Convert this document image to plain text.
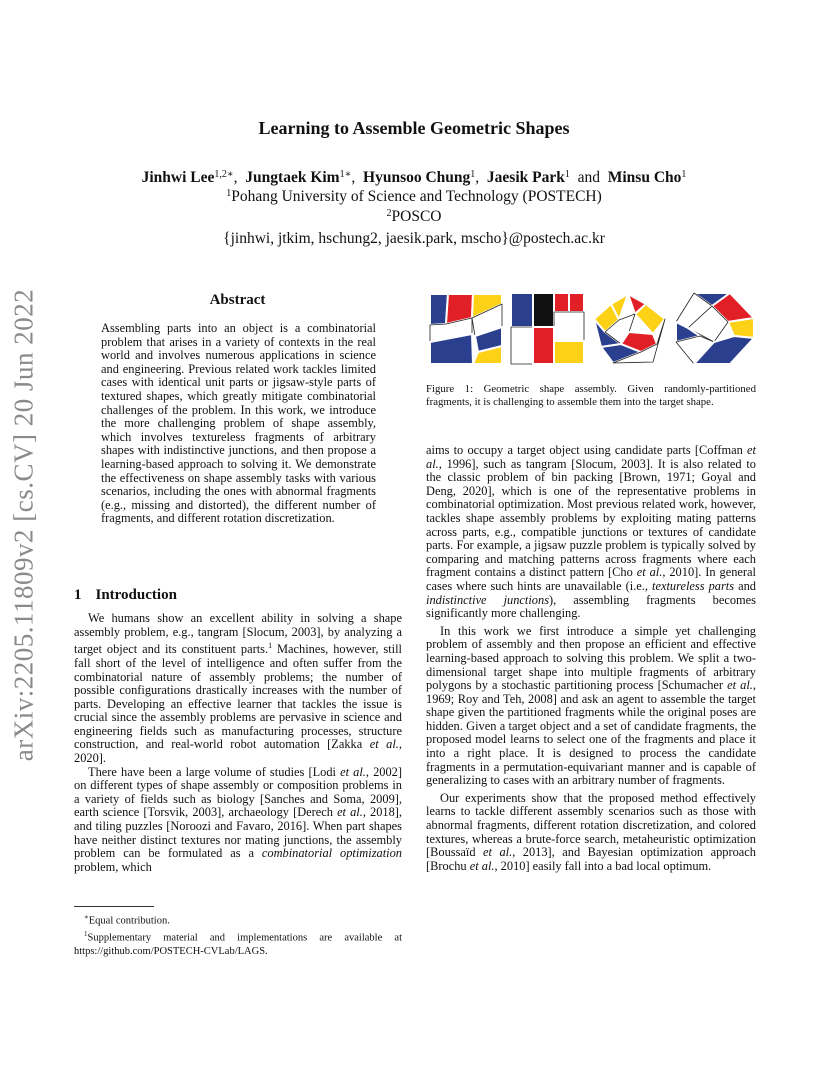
arXiv:2205.11809v2 [cs.CV] 20 Jun 2022
Learning to Assemble Geometric Shapes
Jinhwi Lee$^{1,2∗}$, Jungtaek Kim$^{1∗}$, Hyunsoo Chung$^1$, Jaesik Park$^1$ and Minsu Cho$^1$
$^1$Pohang University of Science and Technology (POSTECH)
$^2$POSCO
{jinhwi, jtkim, hschung2, jaesik.park, mscho}@postech.ac.kr
Abstract
Assembling parts into an object is a combinatorial problem that arises in a variety of contexts in the real world and involves numerous applications in science and engineering. Previous related work tackles limited cases with identical unit parts or jigsaw-style parts of textured shapes, which greatly mitigate combinatorial challenges of the problem. In this work, we introduce the more challenging problem of shape assembly, which involves textureless fragments of arbitrary shapes with indistinctive junctions, and then propose a learning-based approach to solving it. We demonstrate the effectiveness on shape assembly tasks with various scenarios, including the ones with abnormal fragments (e.g., missing and distorted), the different number of fragments, and different rotation discretization.
1 Introduction

We humans show an excellent ability in solving a shape assembly problem, e.g., tangram [Slocum, 2003], by analyzing a target object and its constituent parts.$^1$ Machines, however, still fall short of the level of intelligence and often suffer from the combinatorial nature of assembly problems; the number of possible configurations drastically increases with the number of parts. Developing an effective learner that tackles the issue is crucial since the assembly problems are pervasive in science and engineering fields such as manufacturing processes, structure construction, and real-world robot automation [Zakka et al., 2020].

There have been a large volume of studies [Lodi et al., 2002] on different types of shape assembly or composition problems in a variety of fields such as biology [Sanches and Soma, 2009], earth science [Torsvik, 2003], archaeology [Derech et al., 2018], and tiling puzzles [Noroozi and Favaro, 2016]. When part shapes have neither distinct textures nor mating junctions, the assembly problem can be formulated as a combinatorial optimization problem, which

∗Equal contribution.
$^1$Supplementary material and implementations are available at https://github.com/POSTECH-CVLab/LAGS.
Figure 1: Geometric shape assembly. Given randomly-partitioned fragments, it is challenging to assemble them into the target shape.

aims to occupy a target object using candidate parts [Coffman et al., 1996], such as tangram [Slocum, 2003]. It is also related to the classic problem of bin packing [Brown, 1971; Goyal and Deng, 2020], which is one of the representative problems in combinatorial optimization. Most previous related work, however, tackles shape assembly problems by exploiting mating patterns across parts, e.g., compatible junctions or textures of candidate parts. For example, a jigsaw puzzle problem is typically solved by comparing and matching patterns across fragments where each fragment contains a distinct pattern [Cho et al., 2010]. In general cases where such hints are unavailable (i.e., textureless parts and indistinctive junctions), assembling fragments becomes significantly more challenging.

In this work we first introduce a simple yet challenging problem of assembly and then propose an efficient and effective learning-based approach to solving this problem. We split a two-dimensional target shape into multiple fragments of arbitrary polygons by a stochastic partitioning process [Schumacher et al., 1969; Roy and Teh, 2008] and ask an agent to assemble the target shape given the partitioned fragments while the original poses are hidden. Given a target object and a set of candidate fragments, the proposed model learns to select one of the fragments and place it into a right place. It is designed to process the candidate fragments in a permutation-equivariant manner and is capable of generalizing to cases with an arbitrary number of fragments.

Our experiments show that the proposed method effectively learns to tackle different assembly scenarios such as those with abnormal fragments, different rotation discretization, and colored textures, whereas a brute-force search, metaheuristic optimization [Boussaïd et al., 2013], and Bayesian optimization approach [Brochu et al., 2010] easily fall into a bad local optimum.
